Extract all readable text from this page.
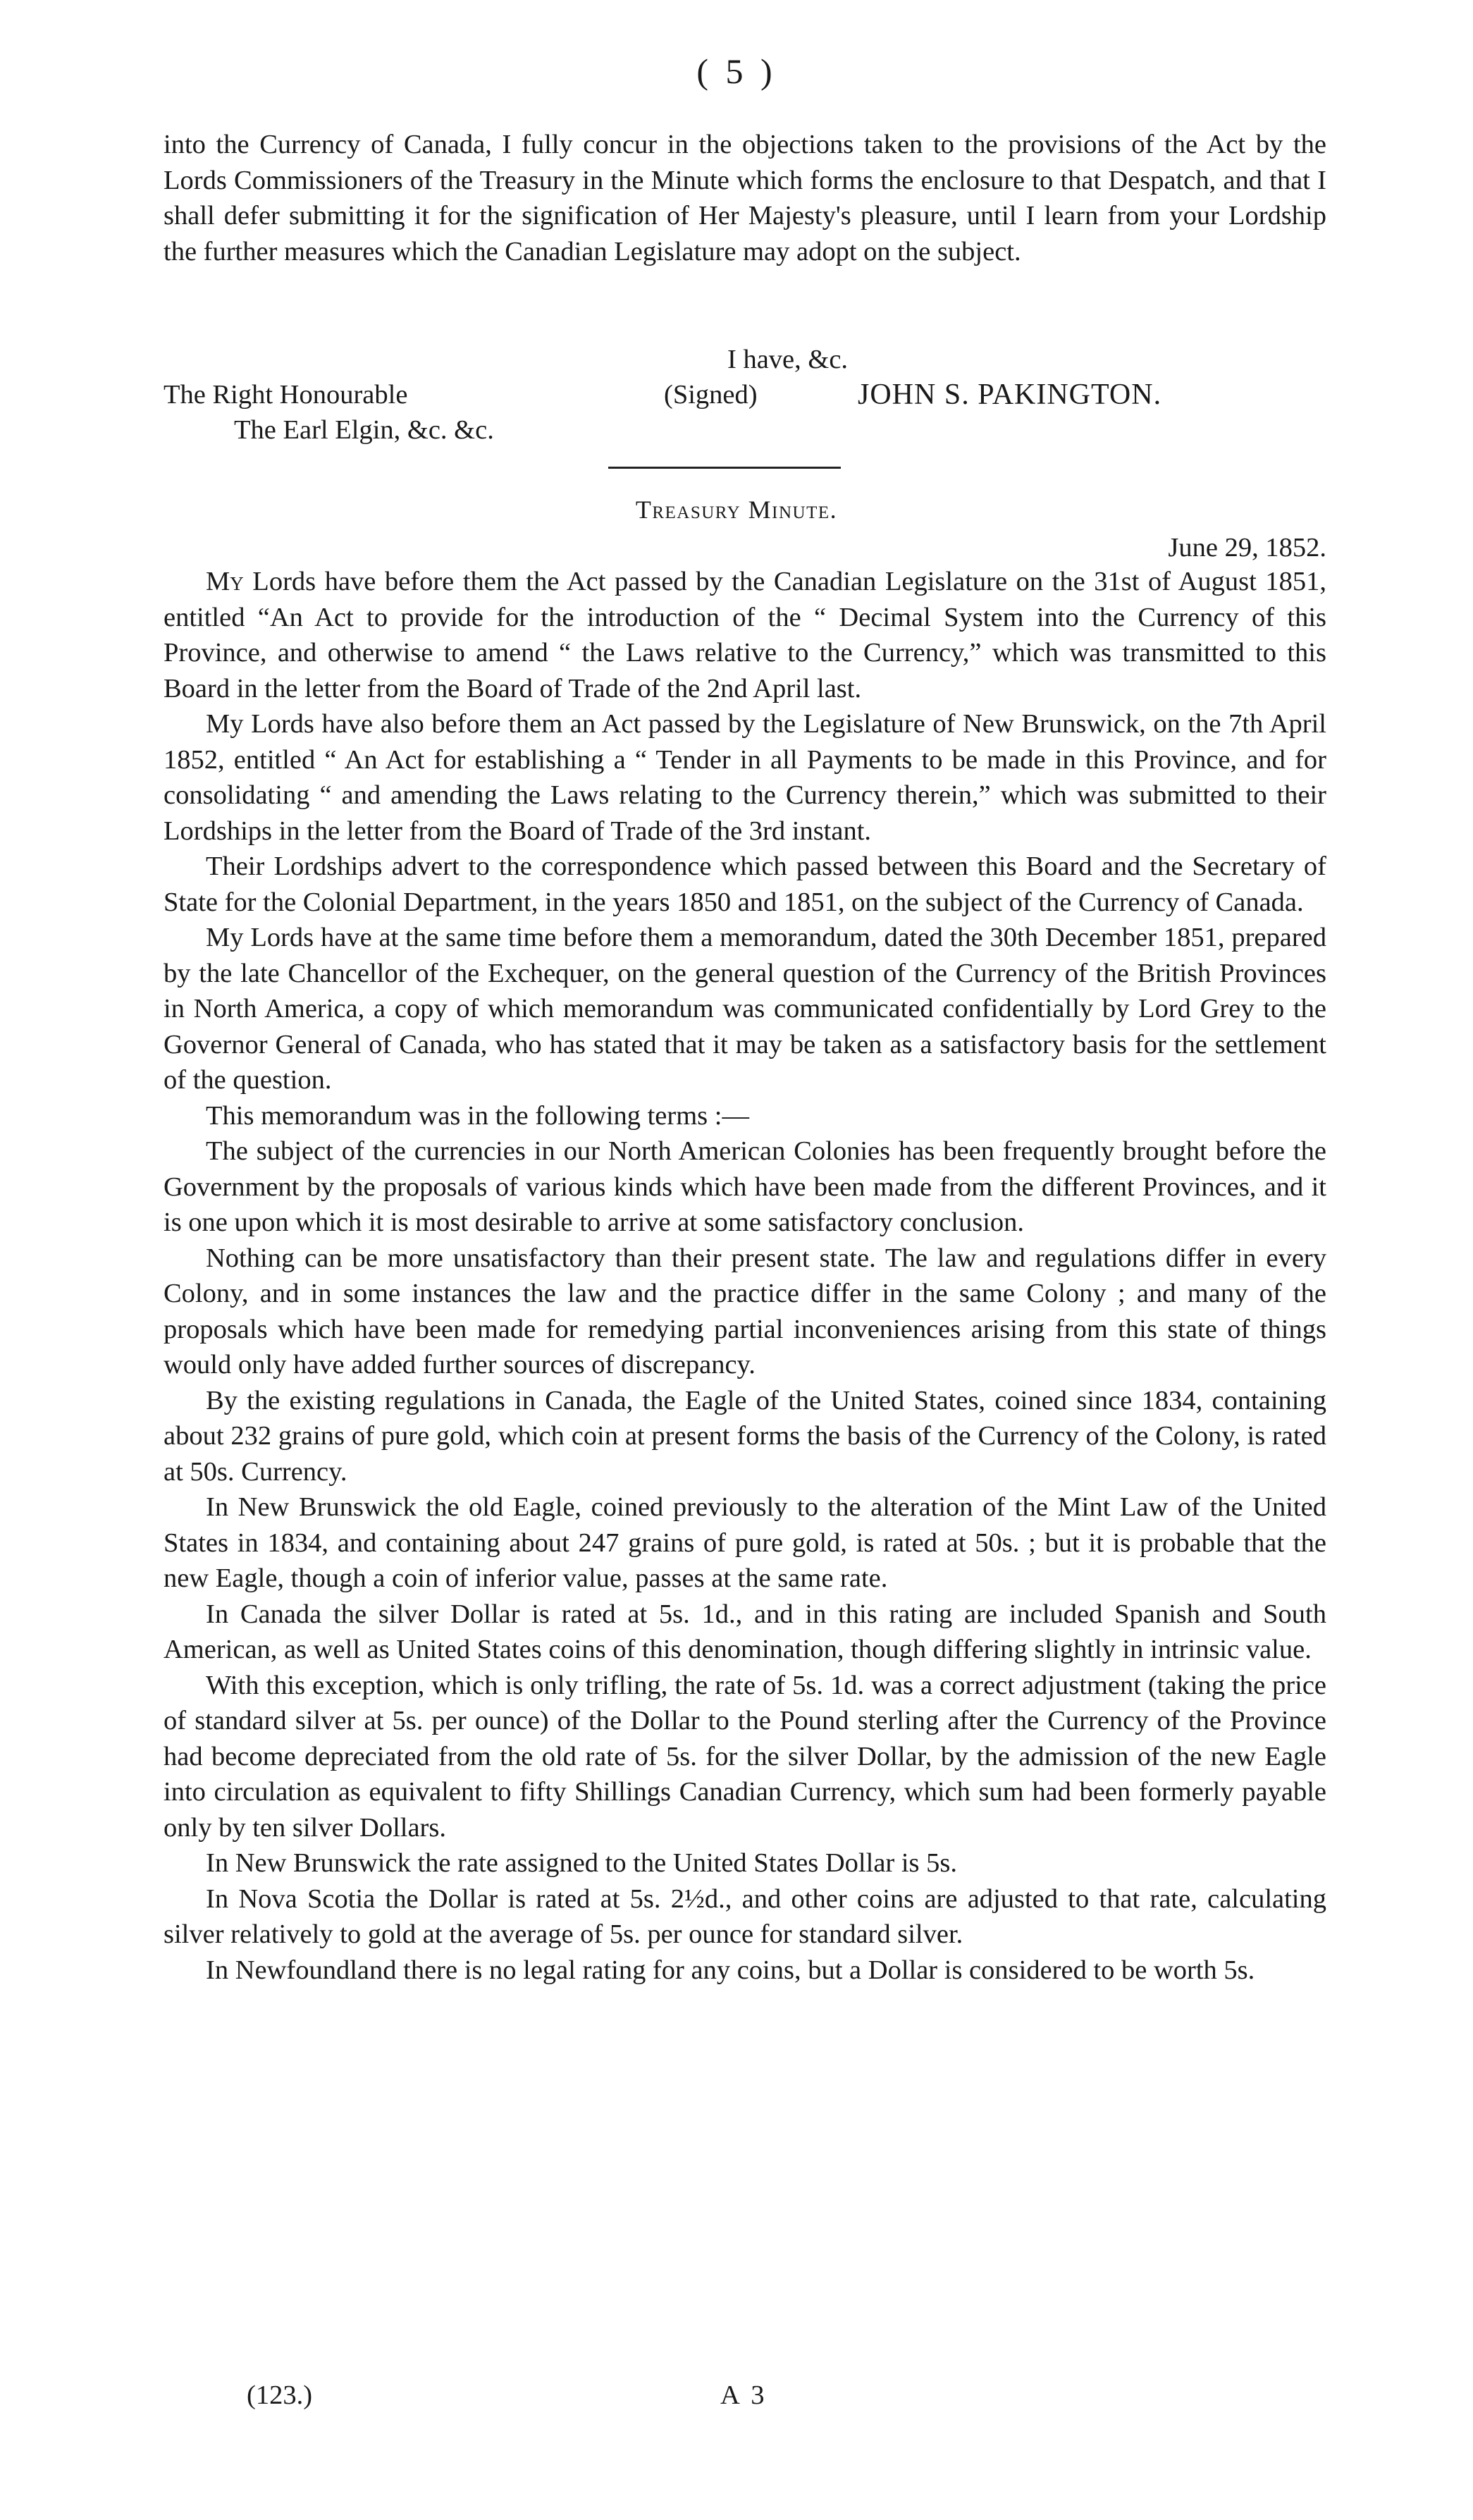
( 5 )

into the Currency of Canada, I fully concur in the objections taken to the provisions of the Act by the Lords Commissioners of the Treasury in the Minute which forms the enclosure to that Despatch, and that I shall defer submitting it for the signification of Her Majesty's pleasure, until I learn from your Lordship the further measures which the Canadian Legislature may adopt on the subject.

I have, &c.
The Right Honourable	(Signed)	JOHN S. PAKINGTON.
The Earl Elgin, &c. &c.
Treasury Minute.
June 29, 1852.

My Lords have before them the Act passed by the Canadian Legislature on the 31st of August 1851, entitled “An Act to provide for the introduction of the “ Decimal System into the Currency of this Province, and otherwise to amend “ the Laws relative to the Currency,” which was transmitted to this Board in the letter from the Board of Trade of the 2nd April last.

My Lords have also before them an Act passed by the Legislature of New Brunswick, on the 7th April 1852, entitled “ An Act for establishing a “ Tender in all Payments to be made in this Province, and for consolidating “ and amending the Laws relating to the Currency therein,” which was submitted to their Lordships in the letter from the Board of Trade of the 3rd instant.

Their Lordships advert to the correspondence which passed between this Board and the Secretary of State for the Colonial Department, in the years 1850 and 1851, on the subject of the Currency of Canada.

My Lords have at the same time before them a memorandum, dated the 30th December 1851, prepared by the late Chancellor of the Exchequer, on the general question of the Currency of the British Provinces in North America, a copy of which memorandum was communicated confidentially by Lord Grey to the Governor General of Canada, who has stated that it may be taken as a satisfactory basis for the settlement of the question.

This memorandum was in the following terms :—

The subject of the currencies in our North American Colonies has been frequently brought before the Government by the proposals of various kinds which have been made from the different Provinces, and it is one upon which it is most desirable to arrive at some satisfactory conclusion.

Nothing can be more unsatisfactory than their present state. The law and regulations differ in every Colony, and in some instances the law and the practice differ in the same Colony ; and many of the proposals which have been made for remedying partial inconveniences arising from this state of things would only have added further sources of discrepancy.

By the existing regulations in Canada, the Eagle of the United States, coined since 1834, containing about 232 grains of pure gold, which coin at present forms the basis of the Currency of the Colony, is rated at 50s. Currency.

In New Brunswick the old Eagle, coined previously to the alteration of the Mint Law of the United States in 1834, and containing about 247 grains of pure gold, is rated at 50s. ; but it is probable that the new Eagle, though a coin of inferior value, passes at the same rate.

In Canada the silver Dollar is rated at 5s. 1d., and in this rating are included Spanish and South American, as well as United States coins of this denomination, though differing slightly in intrinsic value.

With this exception, which is only trifling, the rate of 5s. 1d. was a correct adjustment (taking the price of standard silver at 5s. per ounce) of the Dollar to the Pound sterling after the Currency of the Province had become depreciated from the old rate of 5s. for the silver Dollar, by the admission of the new Eagle into circulation as equivalent to fifty Shillings Canadian Currency, which sum had been formerly payable only by ten silver Dollars.

In New Brunswick the rate assigned to the United States Dollar is 5s.

In Nova Scotia the Dollar is rated at 5s. 2½d., and other coins are adjusted to that rate, calculating silver relatively to gold at the average of 5s. per ounce for standard silver.

In Newfoundland there is no legal rating for any coins, but a Dollar is considered to be worth 5s.

(123.)	A 3
